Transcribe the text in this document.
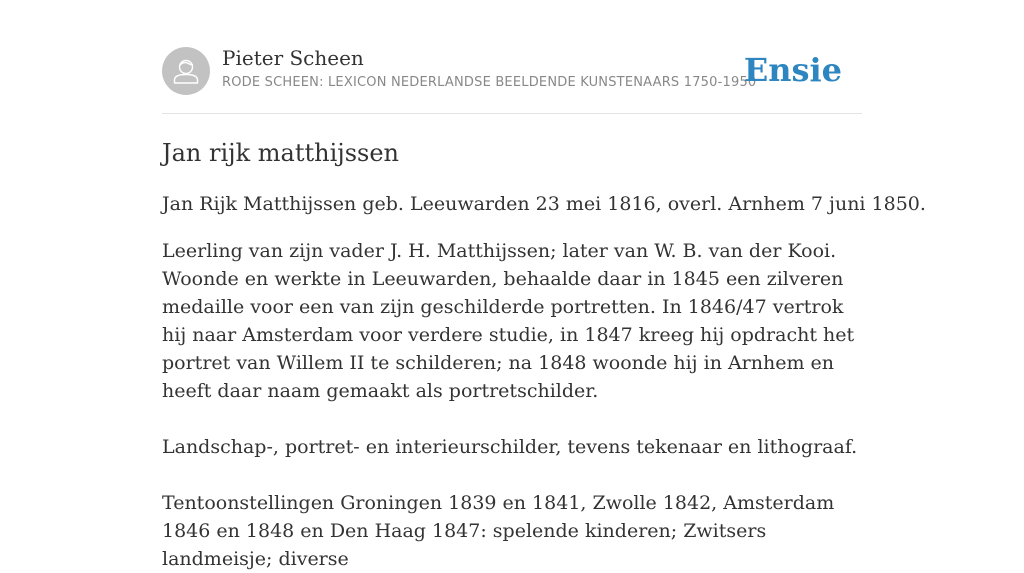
Pieter Scheen
RODE SCHEEN: LEXICON NEDERLANDSE BEELDENDE KUNSTENAARS 1750-1950
Ensie
Jan rijk matthijssen

Jan Rijk Matthijssen geb. Leeuwarden 23 mei 1816, overl. Arnhem 7 juni 1850.

Leerling van zijn vader J. H. Matthijssen; later van W. B. van der Kooi. Woonde en werkte in Leeuwarden, behaalde daar in 1845 een zilveren medaille voor een van zijn geschilderde portretten. In 1846/47 vertrok hij naar Amsterdam voor verdere studie, in 1847 kreeg hij opdracht het portret van Willem II te schilderen; na 1848 woonde hij in Arnhem en heeft daar naam gemaakt als portretschilder.

Landschap-, portret- en interieurschilder, tevens tekenaar en lithograaf.

Tentoonstellingen Groningen 1839 en 1841, Zwolle 1842, Amsterdam 1846 en 1848 en Den Haag 1847: spelende kinderen; Zwitsers landmeisje; diverse
